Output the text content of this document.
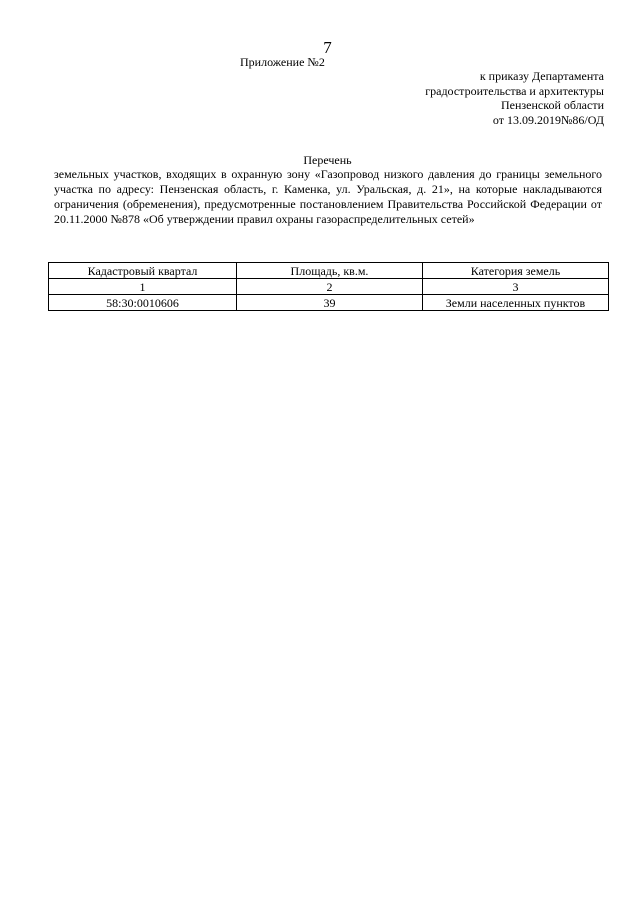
7
Приложение №2
к приказу Департамента
градостроительства и архитектуры
Пензенской области
от 13.09.2019№86/ОД
Перечень
земельных участков, входящих в охранную зону «Газопровод низкого давления до границы земельного участка по адресу: Пензенская область, г. Каменка, ул. Уральская, д. 21», на которые накладываются ограничения (обременения), предусмотренные постановлением Правительства Российской Федерации от 20.11.2000 №878 «Об утверждении правил охраны газораспределительных сетей»
Кадастровый квартал	Площадь, кв.м.	Категория земель
1	2	3
58:30:0010606	39	Земли населенных пунктов
